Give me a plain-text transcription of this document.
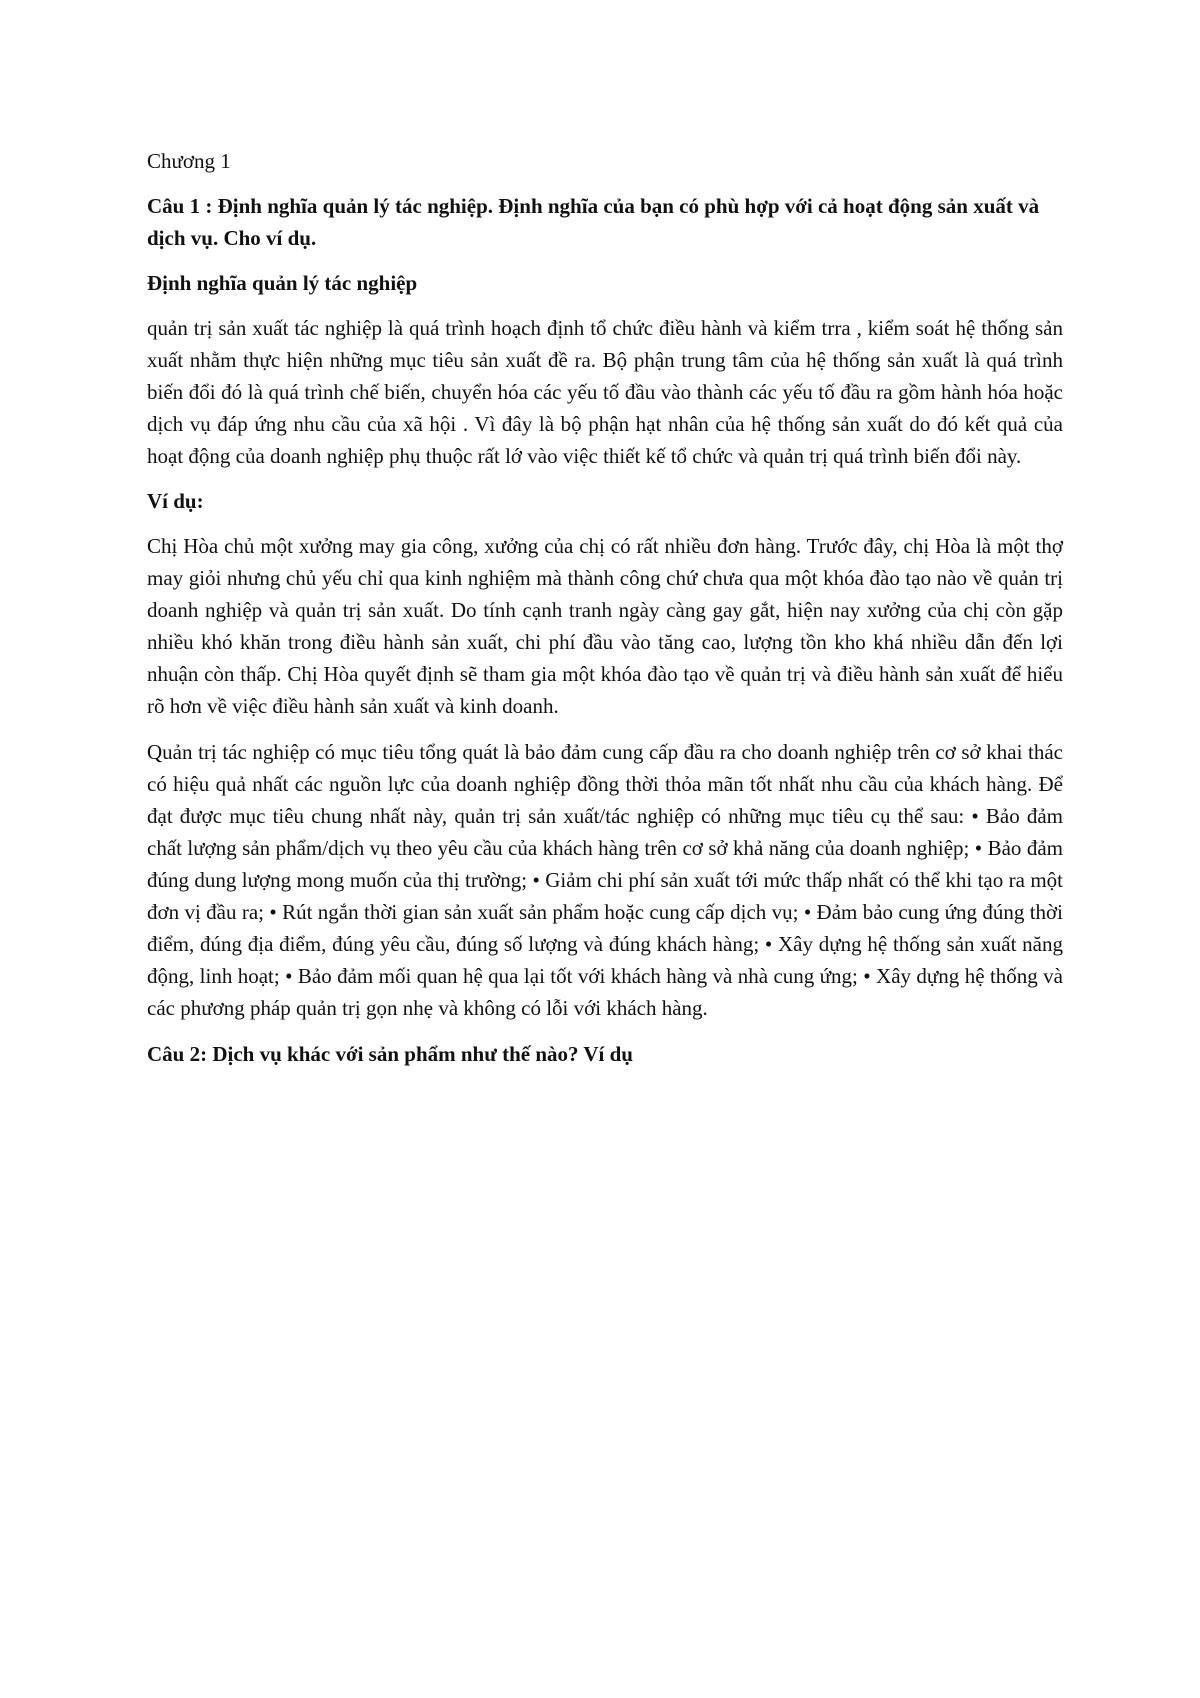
Chương 1

Câu 1 : Định nghĩa quản lý tác nghiệp. Định nghĩa của bạn có phù hợp với cả hoạt động sản xuất và dịch vụ. Cho ví dụ.

Định nghĩa quản lý tác nghiệp

quản trị sản xuất tác nghiệp là quá trình hoạch định tổ chức điều hành và kiểm trra , kiểm soát hệ thống sản xuất nhằm thực hiện những mục tiêu sản xuất đề ra. Bộ phận trung tâm của hệ thống sản xuất là quá trình biến đổi đó là quá trình chế biến, chuyển hóa các yếu tố đầu vào thành các yếu tố đầu ra gồm hành hóa hoặc dịch vụ đáp ứng nhu cầu của xã hội . Vì đây là bộ phận hạt nhân của hệ thống sản xuất do đó kết quả của hoạt động của doanh nghiệp phụ thuộc rất lớ vào việc thiết kế tổ chức và quản trị quá trình biến đổi này.

Ví dụ:

Chị Hòa chủ một xưởng may gia công, xưởng của chị có rất nhiều đơn hàng. Trước đây, chị Hòa là một thợ may giỏi nhưng chủ yếu chỉ qua kinh nghiệm mà thành công chứ chưa qua một khóa đào tạo nào về quản trị doanh nghiệp và quản trị sản xuất. Do tính cạnh tranh ngày càng gay gắt, hiện nay xưởng của chị còn gặp nhiều khó khăn trong điều hành sản xuất, chi phí đầu vào tăng cao, lượng tồn kho khá nhiều dẫn đến lợi nhuận còn thấp. Chị Hòa quyết định sẽ tham gia một khóa đào tạo về quản trị và điều hành sản xuất để hiểu rõ hơn về việc điều hành sản xuất và kinh doanh.

Quản trị tác nghiệp có mục tiêu tổng quát là bảo đảm cung cấp đầu ra cho doanh nghiệp trên cơ sở khai thác có hiệu quả nhất các nguồn lực của doanh nghiệp đồng thời thỏa mãn tốt nhất nhu cầu của khách hàng. Để đạt được mục tiêu chung nhất này, quản trị sản xuất/tác nghiệp có những mục tiêu cụ thể sau: • Bảo đảm chất lượng sản phẩm/dịch vụ theo yêu cầu của khách hàng trên cơ sở khả năng của doanh nghiệp; • Bảo đảm đúng dung lượng mong muốn của thị trường; • Giảm chi phí sản xuất tới mức thấp nhất có thể khi tạo ra một đơn vị đầu ra; • Rút ngắn thời gian sản xuất sản phẩm hoặc cung cấp dịch vụ; • Đảm bảo cung ứng đúng thời điểm, đúng địa điểm, đúng yêu cầu, đúng số lượng và đúng khách hàng; • Xây dựng hệ thống sản xuất năng động, linh hoạt; • Bảo đảm mối quan hệ qua lại tốt với khách hàng và nhà cung ứng; • Xây dựng hệ thống và các phương pháp quản trị gọn nhẹ và không có lỗi với khách hàng.

Câu 2: Dịch vụ khác với sản phẩm như thế nào? Ví dụ
